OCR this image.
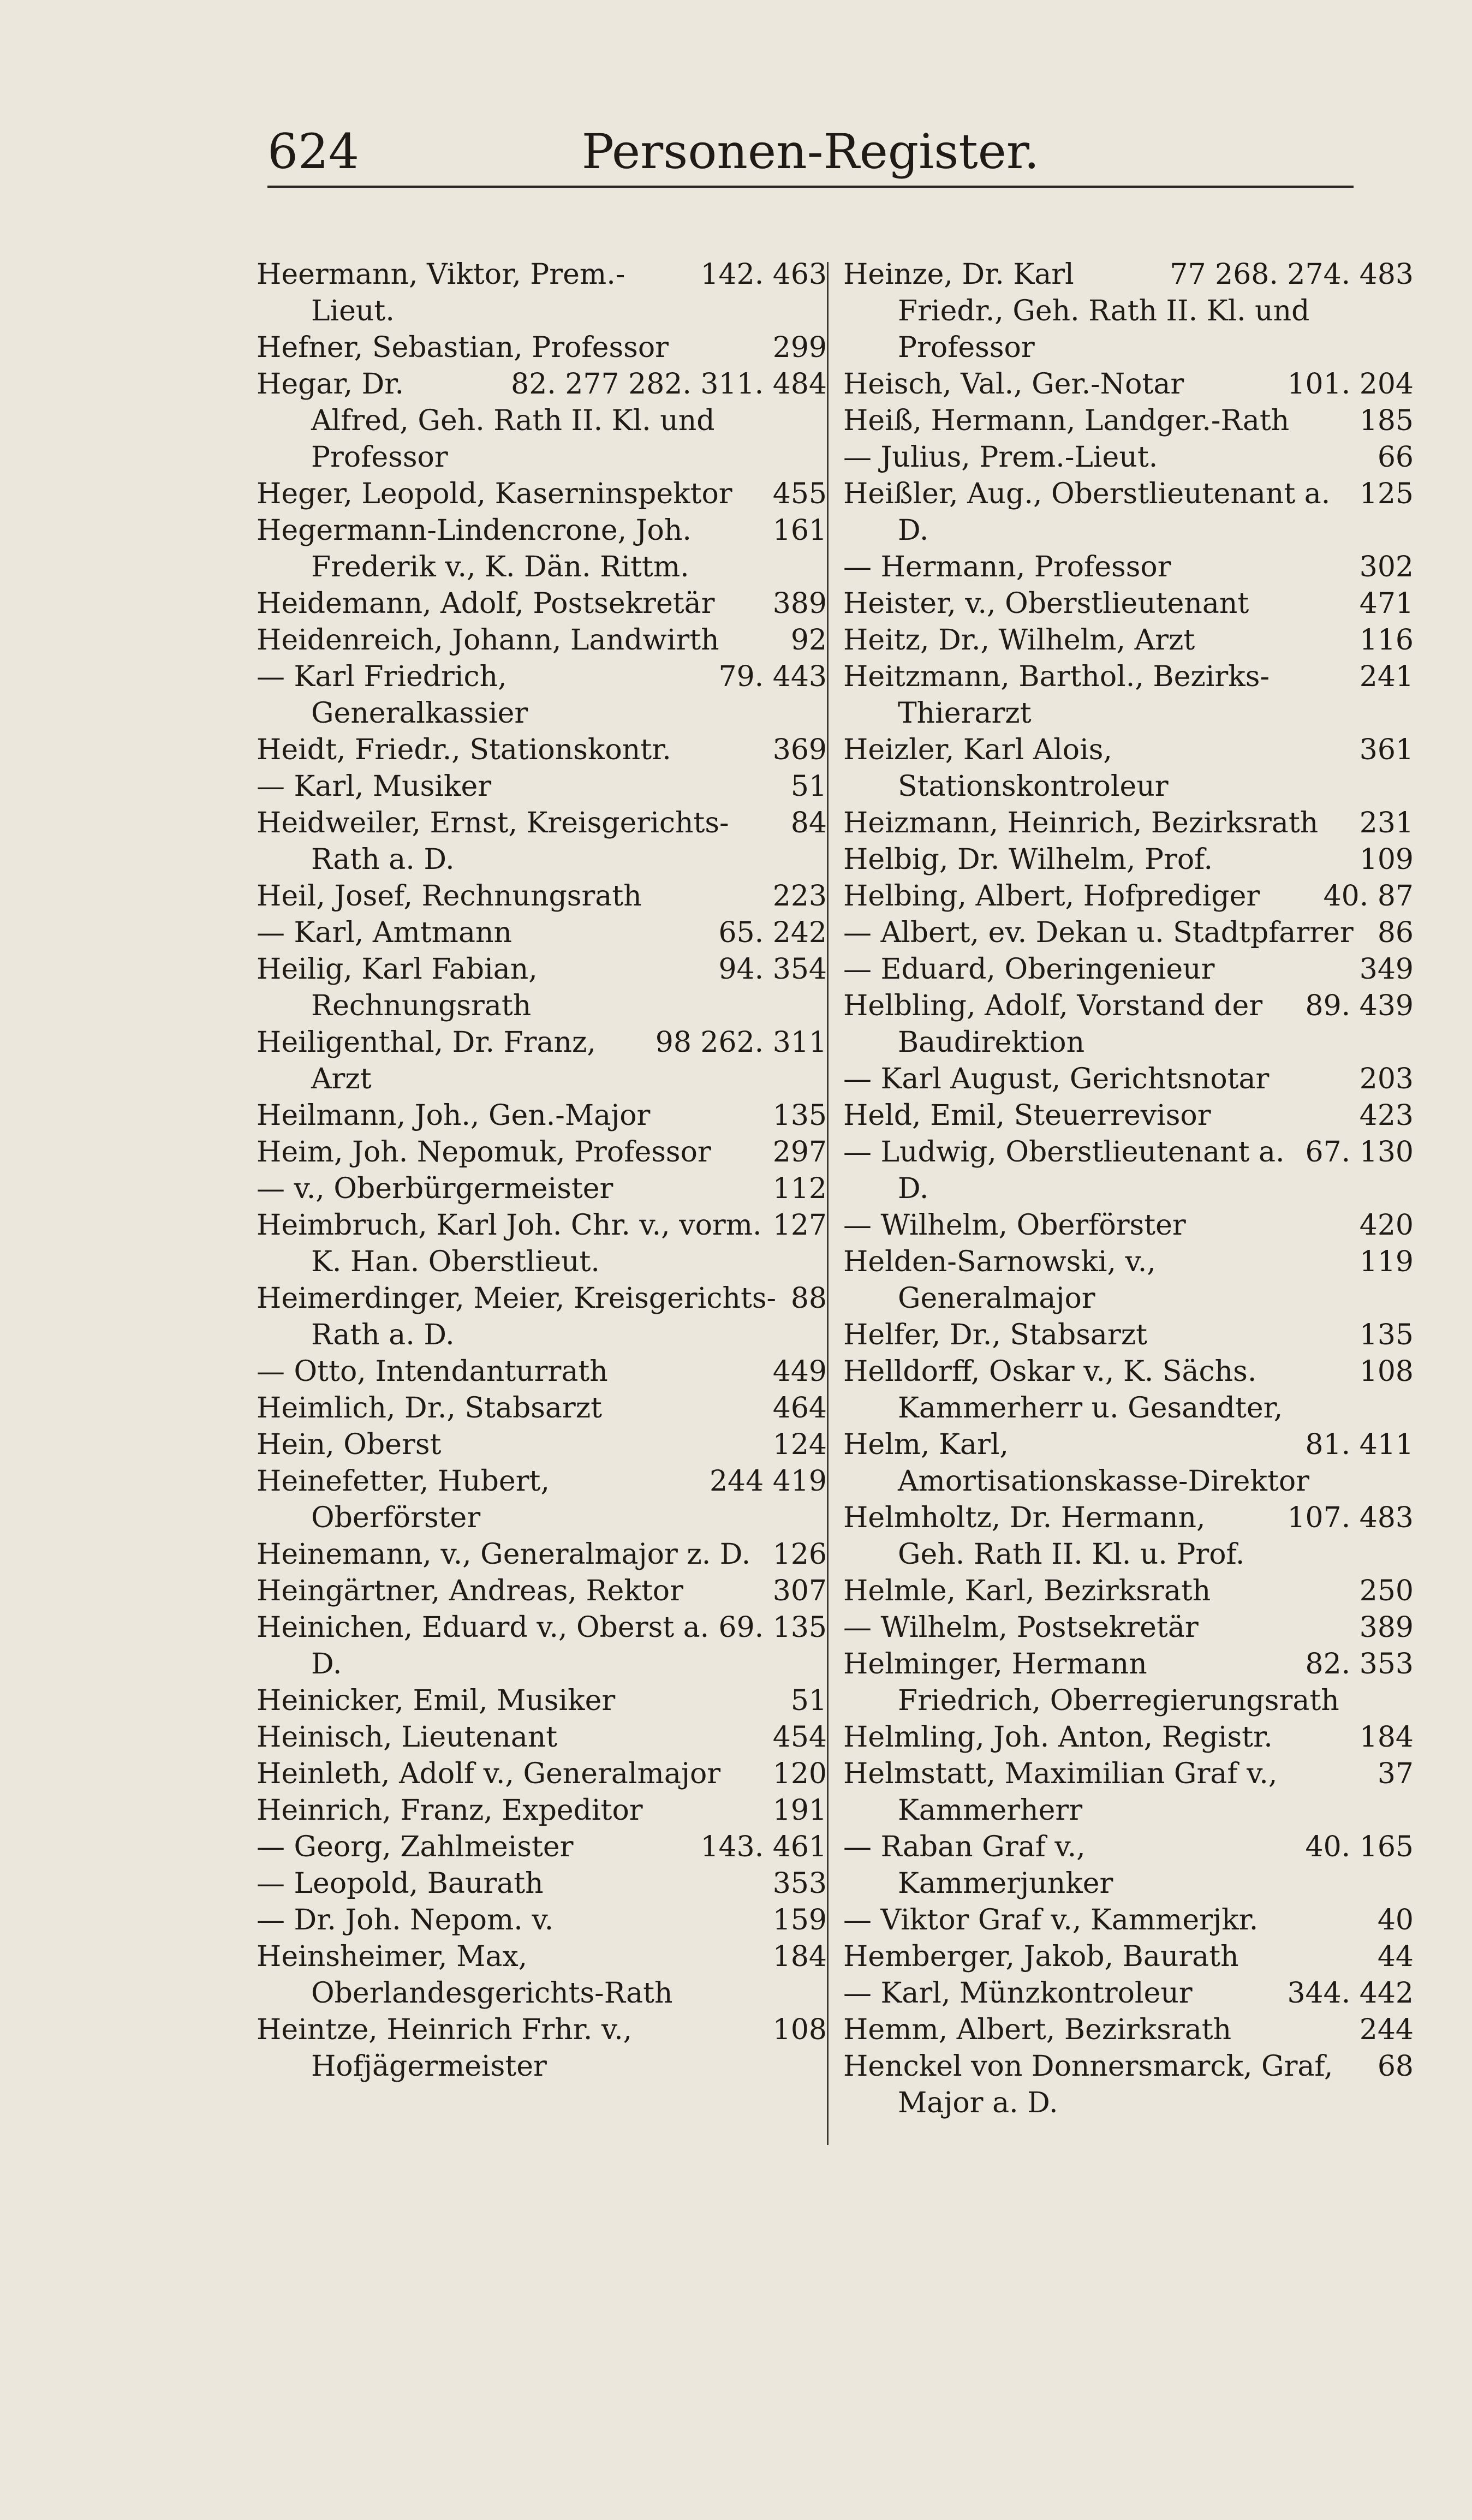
624	Personen-Register.
142. 463
Heermann, Viktor, Prem.-Lieut.
299
Hefner, Sebastian, Professor
82. 277 282. 311. 484
Hegar, Dr. Alfred, Geh. Rath II. Kl. und Professor
455
Heger, Leopold, Kaserninspektor
161
Hegermann-Lindencrone, Joh. Frederik v., K. Dän. Rittm.
389
Heidemann, Adolf, Postsekretär
92
Heidenreich, Johann, Landwirth
79. 443
— Karl Friedrich, Generalkassier
369
Heidt, Friedr., Stationskontr.
51
— Karl, Musiker
84
Heidweiler, Ernst, Kreisgerichts-Rath a. D.
223
Heil, Josef, Rechnungsrath
65. 242
— Karl, Amtmann
94. 354
Heilig, Karl Fabian, Rechnungsrath
98 262. 311
Heiligenthal, Dr. Franz, Arzt
135
Heilmann, Joh., Gen.-Major
297
Heim, Joh. Nepomuk, Professor
112
— v., Oberbürgermeister
127
Heimbruch, Karl Joh. Chr. v., vorm. K. Han. Oberstlieut.
88
Heimerdinger, Meier, Kreisgerichts-Rath a. D.
449
— Otto, Intendanturrath
464
Heimlich, Dr., Stabsarzt
124
Hein, Oberst
244 419
Heinefetter, Hubert, Oberförster
126
Heinemann, v., Generalmajor z. D.
307
Heingärtner, Andreas, Rektor
69. 135
Heinichen, Eduard v., Oberst a. D.
51
Heinicker, Emil, Musiker
454
Heinisch, Lieutenant
120
Heinleth, Adolf v., Generalmajor
191
Heinrich, Franz, Expeditor
143. 461
— Georg, Zahlmeister
353
— Leopold, Baurath
159
— Dr. Joh. Nepom. v.
184
Heinsheimer, Max, Oberlandesgerichts-Rath
108
Heintze, Heinrich Frhr. v., Hofjägermeister
77 268. 274. 483
Heinze, Dr. Karl Friedr., Geh. Rath II. Kl. und Professor
101. 204
Heisch, Val., Ger.-Notar
185
Heiß, Hermann, Landger.-Rath
66
— Julius, Prem.-Lieut.
125
Heißler, Aug., Oberstlieutenant a. D.
302
— Hermann, Professor
471
Heister, v., Oberstlieutenant
116
Heitz, Dr., Wilhelm, Arzt
241
Heitzmann, Barthol., Bezirks-Thierarzt
361
Heizler, Karl Alois, Stationskontroleur
231
Heizmann, Heinrich, Bezirksrath
109
Helbig, Dr. Wilhelm, Prof.
40. 87
Helbing, Albert, Hofprediger
86
— Albert, ev. Dekan u. Stadtpfarrer
349
— Eduard, Oberingenieur
89. 439
Helbling, Adolf, Vorstand der Baudirektion
203
— Karl August, Gerichtsnotar
423
Held, Emil, Steuerrevisor
67. 130
— Ludwig, Oberstlieutenant a. D.
420
— Wilhelm, Oberförster
119
Helden-Sarnowski, v., Generalmajor
135
Helfer, Dr., Stabsarzt
108
Helldorff, Oskar v., K. Sächs. Kammerherr u. Gesandter,
81. 411
Helm, Karl, Amortisationskasse-Direktor
107. 483
Helmholtz, Dr. Hermann, Geh. Rath II. Kl. u. Prof.
250
Helmle, Karl, Bezirksrath
389
— Wilhelm, Postsekretär
82. 353
Helminger, Hermann Friedrich, Oberregierungsrath
184
Helmling, Joh. Anton, Registr.
37
Helmstatt, Maximilian Graf v., Kammerherr
40. 165
— Raban Graf v., Kammerjunker
40
— Viktor Graf v., Kammerjkr.
44
Hemberger, Jakob, Baurath
344. 442
— Karl, Münzkontroleur
244
Hemm, Albert, Bezirksrath
68
Henckel von Donnersmarck, Graf, Major a. D.
